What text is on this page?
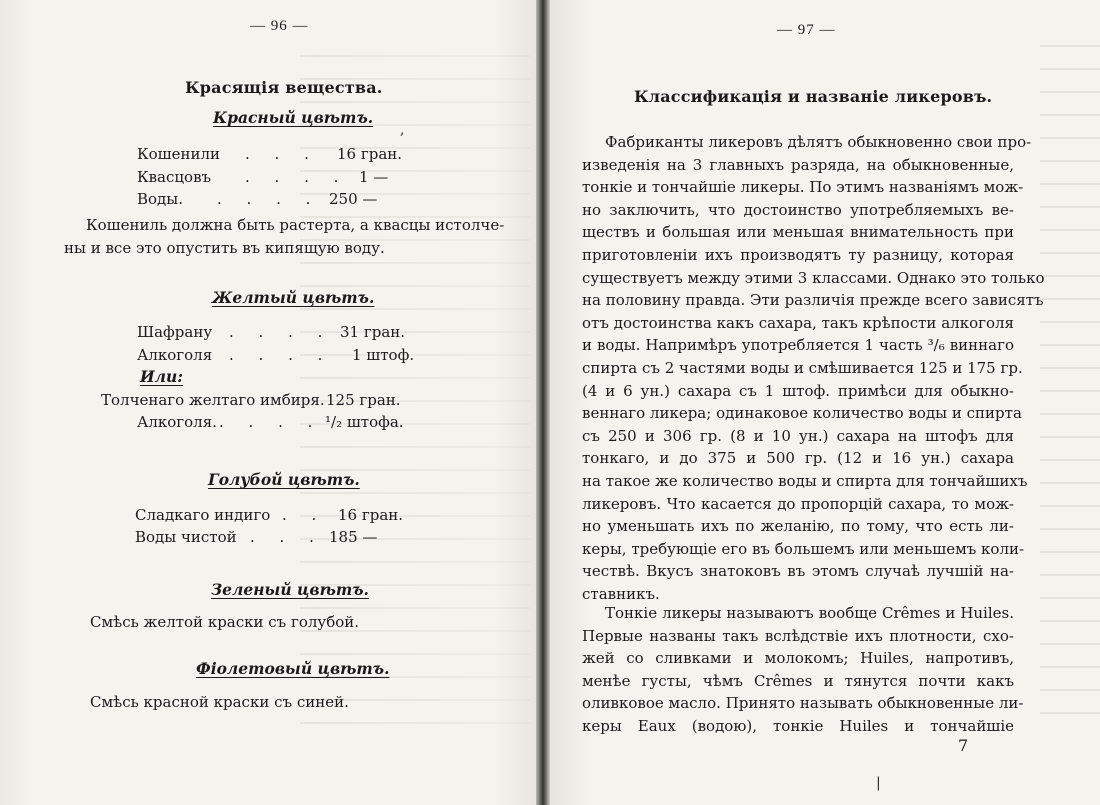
— 96 —
Красящія вещества.
Красный цвѣтъ.
,
Кошенили . . . 16 гран.
Квасцовъ . . . . 1 —
Воды. . . . . 250 —
Кошениль должна быть растерта, а квасцы истолче-
ны и все это опустить въ кипящую воду.
Желтый цвѣтъ.
Шафрану . . . . 31 гран.
Алкоголя . . . . 1 штоф.
Или:
Толченаго желтаго имбиря. 125 гран.
Алкоголя. . . . . ¹/₂ штофа.
Голубой цвѣтъ.
Сладкаго индиго . . 16 гран.
Воды чистой . . . 185 —
Зеленый цвѣтъ.
Смѣсь желтой краски съ голубой.
Фіолетовый цвѣтъ.
Смѣсь красной краски съ синей.
— 97 —
Классификація и названіе ликеровъ.
Фабриканты ликеровъ дѣлятъ обыкновенно свои про-
изведенія на 3 главныхъ разряда, на обыкновенные,
тонкіе и тончайшіе ликеры. По этимъ названіямъ мож-
но заключить, что достоинство употребляемыхъ ве-
ществъ и большая или меньшая внимательность при
приготовленіи ихъ производятъ ту разницу, которая
существуетъ между этими 3 классами. Однако это только
на половину правда. Эти различія прежде всего зависятъ
отъ достоинства какъ сахара, такъ крѣпости алкоголя
и воды. Напримѣръ употребляется 1 часть ³/₆ виннаго
спирта съ 2 частями воды и смѣшивается 125 и 175 гр.
(4 и 6 ун.) сахара съ 1 штоф. примѣси для обыкно-
веннаго ликера; одинаковое количество воды и спирта
съ 250 и 306 гр. (8 и 10 ун.) сахара на штофъ для
тонкаго, и до 375 и 500 гр. (12 и 16 ун.) сахара
на такое же количество воды и спирта для тончайшихъ
ликеровъ. Что касается до пропорцій сахара, то мож-
но уменьшать ихъ по желанію, по тому, что есть ли-
керы, требующіе его въ большемъ или меньшемъ коли-
чествѣ. Вкусъ знатоковъ въ этомъ случаѣ лучшій на-
ставникъ.
Тонкіе ликеры называютъ вообще Crêmes и Huiles.
Первые названы такъ вслѣдствіе ихъ плотности, схо-
жей со сливками и молокомъ; Huiles, напротивъ,
менѣе густы, чѣмъ Crêmes и тянутся почти какъ
оливковое масло. Принято называть обыкновенные ли-
керы Eaux (водою), тонкіе Huiles и тончайшіе
7
|
